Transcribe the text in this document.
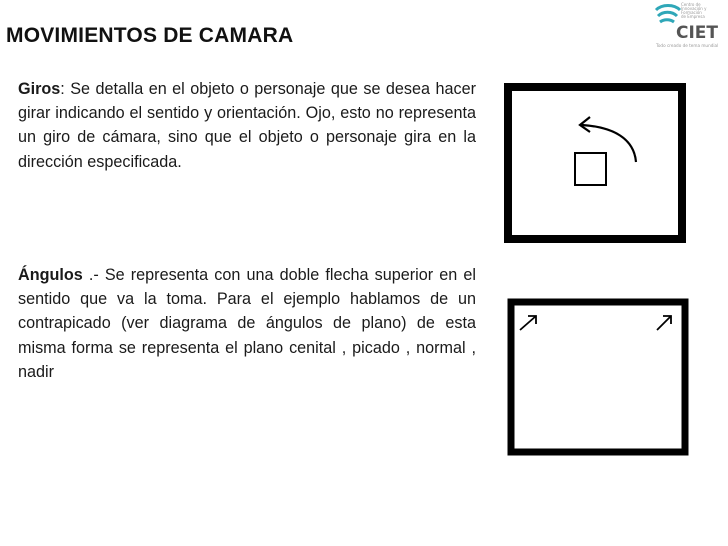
MOVIMIENTOS DE CAMARA
Centro de
Innovación y
Formación
de Empresa
CIET
Todo creado de tema mundial
Giros: Se detalla en el objeto o personaje que se desea hacer girar indicando el sentido y orientación. Ojo, esto no representa un giro de cámara, sino que el objeto o personaje gira en la dirección especificada.
Ángulos .- Se representa con una doble flecha superior en el sentido que va la toma. Para el ejemplo hablamos de un contrapicado (ver diagrama de ángulos de plano) de esta misma forma se representa el plano cenital , picado , normal , nadir
